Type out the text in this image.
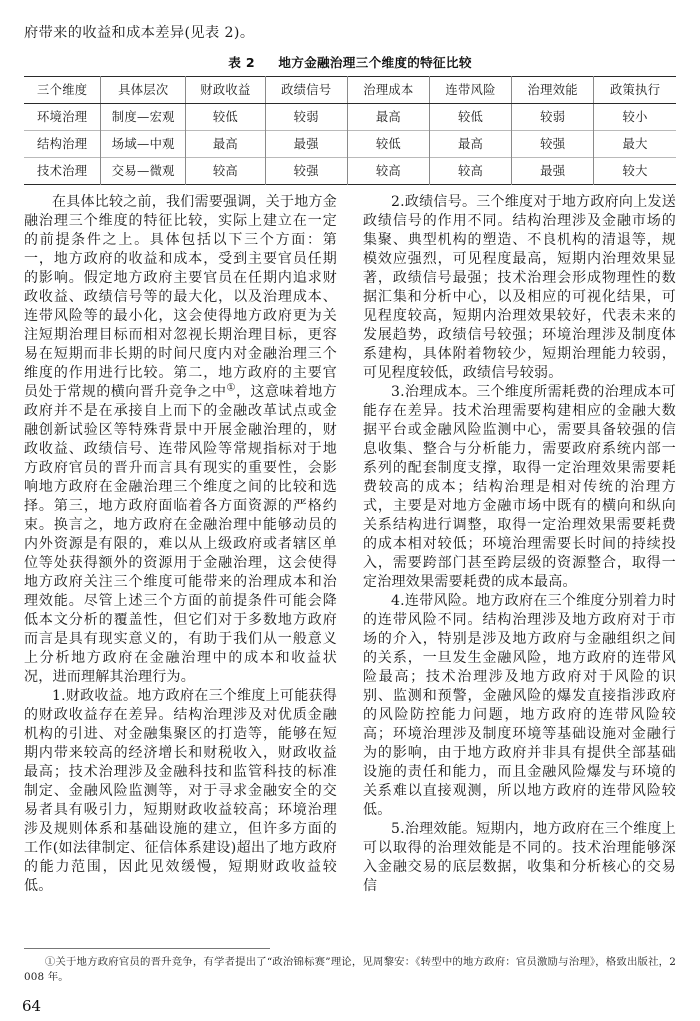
府带来的收益和成本差异(见表 2)。
表 2 地方金融治理三个维度的特征比较
三个维度	具体层次	财政收益	政绩信号	治理成本	连带风险	治理效能	政策执行
环境治理	制度—宏观	较低	较弱	最高	较低	较弱	较小
结构治理	场域—中观	最高	最强	较低	最高	较强	最大
技术治理	交易—微观	较高	较强	较高	较高	最强	较大

在具体比较之前，我们需要强调，关于地方金融治理三个维度的特征比较，实际上建立在一定的前提条件之上。具体包括以下三个方面：第一，地方政府的收益和成本，受到主要官员任期的影响。假定地方政府主要官员在任期内追求财政收益、政绩信号等的最大化，以及治理成本、连带风险等的最小化，这会使得地方政府更为关注短期治理目标而相对忽视长期治理目标，更容易在短期而非长期的时间尺度内对金融治理三个维度的作用进行比较。第二，地方政府的主要官员处于常规的横向晋升竞争之中①，这意味着地方政府并不是在承接自上而下的金融改革试点或金融创新试验区等特殊背景中开展金融治理的，财政收益、政绩信号、连带风险等常规指标对于地方政府官员的晋升而言具有现实的重要性，会影响地方政府在金融治理三个维度之间的比较和选择。第三，地方政府面临着各方面资源的严格约束。换言之，地方政府在金融治理中能够动员的内外资源是有限的，难以从上级政府或者辖区单位等处获得额外的资源用于金融治理，这会使得地方政府关注三个维度可能带来的治理成本和治理效能。尽管上述三个方面的前提条件可能会降低本文分析的覆盖性，但它们对于多数地方政府而言是具有现实意义的，有助于我们从一般意义上分析地方政府在金融治理中的成本和收益状况，进而理解其治理行为。

1.财政收益。地方政府在三个维度上可能获得的财政收益存在差异。结构治理涉及对优质金融机构的引进、对金融集聚区的打造等，能够在短期内带来较高的经济增长和财税收入，财政收益最高；技术治理涉及金融科技和监管科技的标准制定、金融风险监测等，对于寻求金融安全的交易者具有吸引力，短期财政收益较高；环境治理涉及规则体系和基础设施的建立，但许多方面的工作(如法律制定、征信体系建设)超出了地方政府的能力范围，因此见效缓慢，短期财政收益较低。

2.政绩信号。三个维度对于地方政府向上发送政绩信号的作用不同。结构治理涉及金融市场的集聚、典型机构的塑造、不良机构的清退等，规模效应强烈，可见程度最高，短期内治理效果显著，政绩信号最强；技术治理会形成物理性的数据汇集和分析中心，以及相应的可视化结果，可见程度较高，短期内治理效果较好，代表未来的发展趋势，政绩信号较强；环境治理涉及制度体系建构，具体附着物较少，短期治理能力较弱，可见程度较低，政绩信号较弱。

3.治理成本。三个维度所需耗费的治理成本可能存在差异。技术治理需要构建相应的金融大数据平台或金融风险监测中心，需要具备较强的信息收集、整合与分析能力，需要政府系统内部一系列的配套制度支撑，取得一定治理效果需要耗费较高的成本；结构治理是相对传统的治理方式，主要是对地方金融市场中既有的横向和纵向关系结构进行调整，取得一定治理效果需要耗费的成本相对较低；环境治理需要长时间的持续投入，需要跨部门甚至跨层级的资源整合，取得一定治理效果需要耗费的成本最高。

4.连带风险。地方政府在三个维度分别着力时的连带风险不同。结构治理涉及地方政府对于市场的介入，特别是涉及地方政府与金融组织之间的关系，一旦发生金融风险，地方政府的连带风险最高；技术治理涉及地方政府对于风险的识别、监测和预警，金融风险的爆发直接指涉政府的风险防控能力问题，地方政府的连带风险较高；环境治理涉及制度环境等基础设施对金融行为的影响，由于地方政府并非具有提供全部基础设施的责任和能力，而且金融风险爆发与环境的关系难以直接观测，所以地方政府的连带风险较低。

5.治理效能。短期内，地方政府在三个维度上可以取得的治理效能是不同的。技术治理能够深入金融交易的底层数据，收集和分析核心的交易信

①关于地方政府官员的晋升竞争，有学者提出了“政治锦标赛”理论，见周黎安：《转型中的地方政府：官员激励与治理》，格致出版社，2008 年。

64
